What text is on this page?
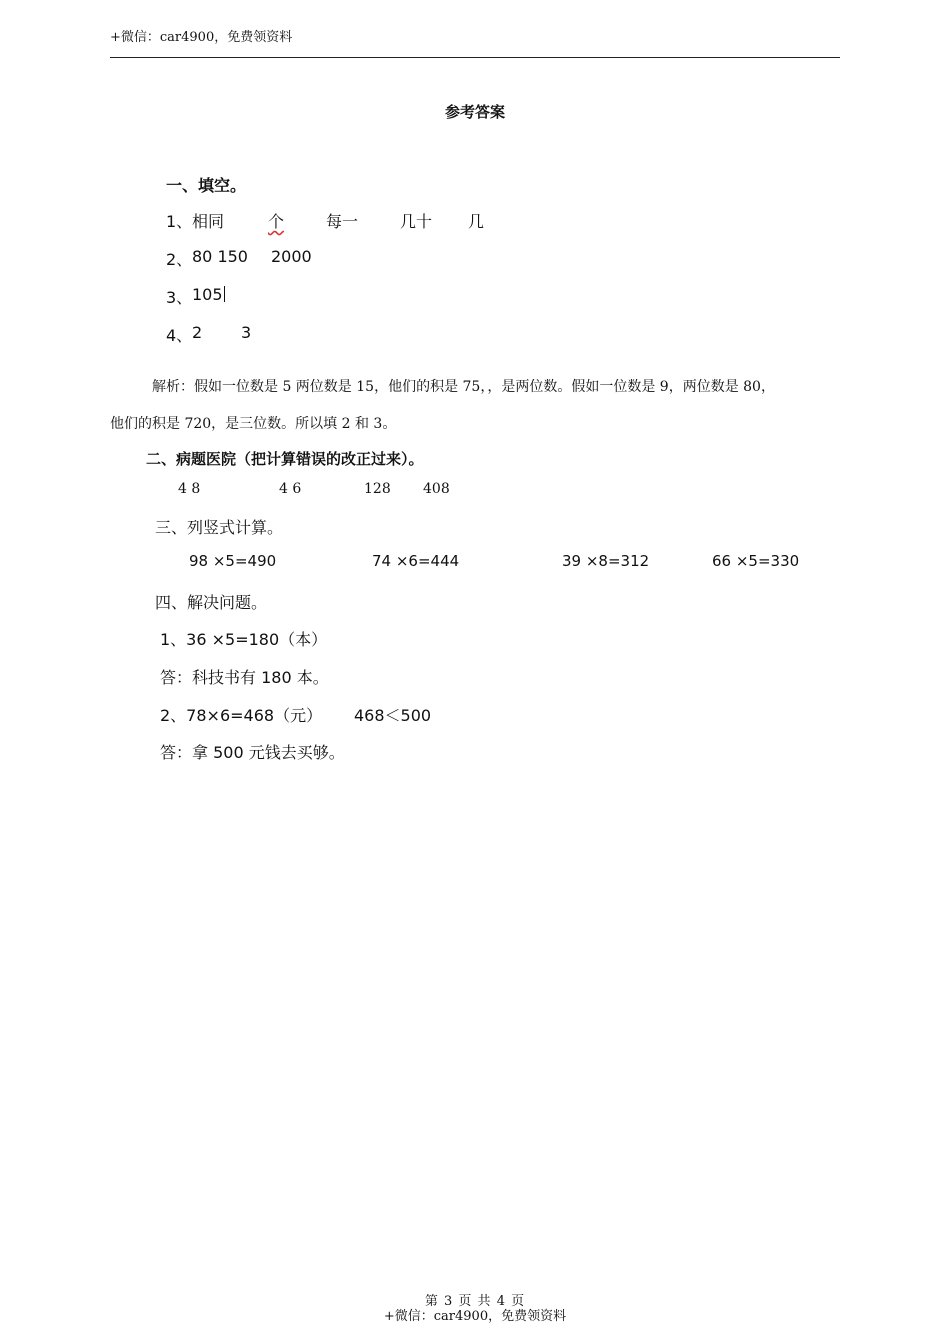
+微信：car4900，免费领资料
参考答案
一、填空。
1、 相同	个	每一	几十 几
2、 80 150 2000
3、 105
4、 2 3
解析：假如一位数是 5 两位数是 15，他们的积是 75，，是两位数。假如一位数是 9，两位数是 80，
他们的积是 720，是三位数。所以填 2 和 3。
二、病题医院（把计算错误的改正过来）。
4 8	4 6	128 408
三、列竖式计算。
98 ×5=490	74 ×6=444	39 ×8=312	66 ×5=330
四、解决问题。
1、36 ×5=180（本）
答：科技书有 180 本。
2、78×6=468（元） 468＜500
答：拿 500 元钱去买够。
第 3 页 共 4 页
+微信：car4900，免费领资料
